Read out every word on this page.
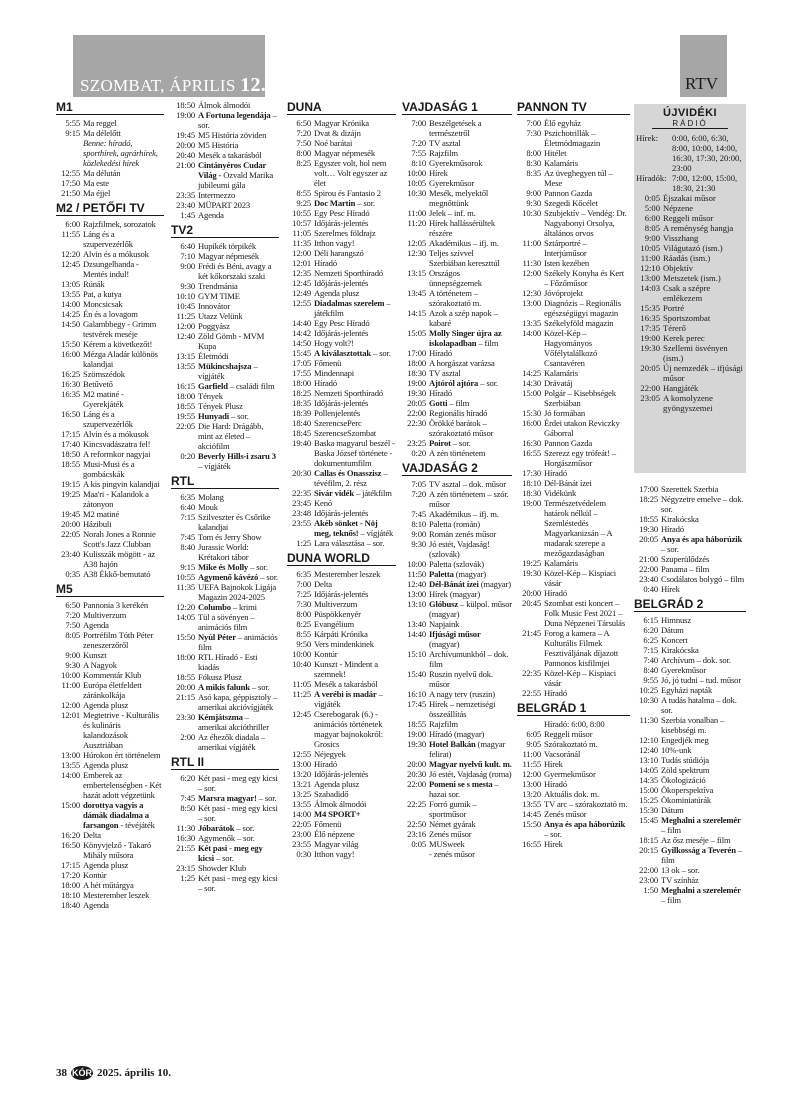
SZOMBAT, ÁPRILIS 12.	RTV
M1
5:55 Ma reggel
9:15 Ma délelőtt
Benne: híradó, sporthírek, agrárhírek, közlekedési hírek
12:55 Ma délután
17:50 Ma este
21:50 Ma éjjel
M2 / PETŐFI TV
6:00 Rajzfilmek, sorozatok
11:55 Láng és a szupervezérlők
12:20 Alvin és a mókusok
12:45 Dzsungelbanda - Mentés indul!
13:05 Rúnák
13:55 Pat, a kutya
14:00 Moncsicsak
14:25 Én és a lovagom
14:50 Galambbegy - Grimm testvérek meséje
15:50 Kérem a következőt!
16:00 Mézga Aladár különös kalandjai
16:25 Szömszédok
16:30 Betűvető
16:35 M2 matiné - Gyerekjáték
16:50 Láng és a szupervezérlők
17:15 Alvin és a mókusok
17:40 Kincsvadászatra fel!
18:50 A reformkor nagyjai
18:55 Musi-Musi és a gombácskák
19:15 A kis pingvin kalandjai
19:25 Maa'ri - Kalandok a zátonyon
19:45 M2 matiné
20:00 Házibuli
22:05 Norah Jones a Ronnie Scott's Jazz Clubban
23:40 Kulisszák mögött - az A38 hajón
0:35 A38 Ékkő-bemutató
M5
6:50 Pannonia 3 kerékén
7:20 Multiverzum
7:50 Agenda
8:05 Portréfilm Tóth Péter zeneszerzőről
9:00 Kunszt
9:30 A Nagyok
10:00 Kommentár Klub
11:00 Európa életfeldett záránkolkája
12:00 Agenda plusz
12:01 Megtetrive - Kulturális és kulináris kalandozások Ausztriában
13:00 Húrokon ért történelem
13:55 Agenda plusz
14:00 Emberek az embertelenségben - Két hazát adott végzetünk
15:00 dorottya vagyis a dámák diadalma a farsangon - tévéjáték
16:20 Delta
16:50 Könyvjelző - Takaró Mihály műsora
17:15 Agenda plusz
17:20 Kontúr
18:00 A hét műtárgya
18:10 Mesterember leszek
18:40 Agenda
18:50 Álmok álmodói
19:00 A Fortuna legendája – sor.
19:45 M5 História zöviden
20:00 M5 História
20:40 Mesék a takarásból
21:00 Cintányéros Cudar Világ - Ozvald Marika jubileumi gála
23:35 Intermezzo
23:40 MÜPART 2023
1:45 Agenda
TV2
6:40 Hupikék törpikék
7:10 Magyar népmesék
9:00 Frédi és Béni, avagy a két kőkorszaki szaki
9:30 Trendmánia
10:10 GYM TIME
10:45 Innovátor
11:25 Utazz Velünk
12:00 Poggyász
12:40 Zöld Gömb - MVM Kupa
13:15 Életmódi
13:55 Mükincshajsza – vígjáték
16:15 Garfield – családi film
18:00 Tények
18:55 Tények Plusz
19:55 Hunyadi – sor.
22:05 Die Hard: Drágább, mint az életed – akciófilm
0:20 Beverly Hills-i zsaru 3 – vígjáték
RTL
6:35 Molang
6:40 Mouk
7:15 Szilveszter és Csőrike kalandjai
7:45 Tom és Jerry Show
8:40 Jurassic World: Krétakori tábor
9:15 Mike és Molly – sor.
10:55 Agymenő kávézó – sor.
11:35 UEFA Bajnokok Ligája Magazin 2024-2025
12:20 Columbo – krimi
14:05 Tül a sövényen – animációs film
15:50 Nyúl Péter – animációs film
18:00 RTL Híradó - Esti kiadás
18:55 Fókusz Plusz
20:00 A mikis falunk – sor.
21:15 Asó kapa, géppisztoly – amerikai akcióvígjáték
23:30 Kémjátszma – amerikai akcióthriller
2:00 Az éhezők diadala – amerikai vígjáték
RTL II
6:20 Két pasi - meg egy kicsi – sor.
7:45 Marsra magyar! – sor.
8:50 Két pasi - meg egy kicsi – sor.
11:30 Jóbarátok – sor.
16:30 Agymenők – sor.
21:55 Két pasi - meg egy kicsi – sor.
23:15 Showder Klub
1:25 Két pasi - meg egy kicsi – sor.
DUNA
6:50 Magyar Krónika
7:20 Dvat & dizájn
7:50 Noé barátai
8:00 Magyar népmesék
8:25 Egyszer volt, hol nem volt… Volt egyszer az élet
8:55 Spirou és Fantasio 2
9:25 Doc Martin – sor.
10:55 Egy Pesc Híradó
10:57 Időjárás-jelentés
11:05 Szerelmes földrajz
11:35 Itthon vagy!
12:00 Déli harangszó
12:01 Híradó
12:35 Nemzeti Sporthíradó
12:45 Időjárás-jelentés
12:49 Agenda plusz
12:55 Diadalmas szerelem – játékfilm
14:40 Egy Pesc Híradó
14:42 Időjárás-jelentés
14:50 Hogy volt?!
15:45 A kiválasztottak – sor.
17:05 Főmenü
17:55 Mindennapi
18:00 Híradó
18:25 Nemzeti Sporthíradó
18:35 Időjárás-jelentés
18:39 Pollenjelentés
18:40 SzerencsePerc
18:45 SzerencseSzombat
19:40 Baska magyarul beszél - Baska József története - dokumentumfilm
20:30 Callas és Onasszisz – tévéfilm, 2. rész
22:35 Sivár vidék – játékfilm
23:45 Kenó
23:48 Időjárás-jelentés
23:55 Akéb sönket - Nöj meg, teknős! – vígjáték
1:25 Lara választása – sor.
DUNA WORLD
6:35 Mesterember leszek
7:00 Delta
7:25 Időjárás-jelentés
7:30 Multiverzum
8:00 Püspökkenyér
8:25 Evangélium
8:55 Kárpáti Krónika
9:50 Vers mindenkinek
10:00 Kontúr
10:40 Kunszt - Mindent a szemnek!
11:05 Mesék a takarásból
11:25 A verébi is madár – vígjáték
12:45 Cserebogarak (6.) - animációs történetek magyar bajnokokról: Grosics
12:55 Néjegyek
13:00 Híradó
13:20 Időjárás-jelentés
13:21 Agenda plusz
13:25 Szabadidő
13:55 Álmok álmodói
14:00 M4 SPORT+
22:05 Főmenü
23:00 Élő népzene
23:55 Magyar világ
0:30 Itthon vagy!
VAJDASÁG 1
7:00 Beszélgetések a természetről
7:20 TV asztal
7:55 Rajzfilm
8:10 Gyerekműsorok
10:00 Hírek
10:05 Gyerekműsor
10:30 Mesék, melyektől megnőttünk
11:00 Jelek – inf. m.
11:20 Hírek hallássérültek részére
12:05 Akadémikus – ifj. m.
12:30 Teljes szívvel Szerbiában kereszttúl
13:15 Országos ünnepségzemek
13:45 A történetem – szórakoztató m.
14:15 Azok a szép napok – kabaré
15:05 Molly Singer újra az iskolapadban – film
17:00 Híradó
18:00 A horgászat varázsa
18:30 TV asztal
19:00 Ajtóról ajtóra – sor.
19:30 Híradó
20:05 Gotti – film
22:00 Regionális híradó
22:30 Örökké barátok – szórakoztató műsor
23:25 Poirot – sor.
0:20 A zén történetem
VAJDASÁG 2
7:05 TV asztal – dok. műsor
7:20 A zén történetem – szór. műsor
7:45 Akadémikus – ifj. m.
8:10 Paletta (román)
9:00 Román zenés műsor
9:30 Jó estét, Vajdaság! (szlovák)
10:00 Paletta (szlovák)
11:50 Paletta (magyar)
12:40 Dél-Bánát ízei (magyar)
13:00 Hírek (magyar)
13:10 Glóbusz – külpol. műsor (magyar)
13:40 Napjaink
14:40 Ifjúsági műsor (magyar)
15:10 Archívumunkból – dok. film
15:40 Ruszin nyelvű dok. műsor
16:10 A nagy terv (ruszin)
17:45 Hírek – nemzetiségi összeállítás
18:55 Rajzfilm
19:00 Híradó (magyar)
19:30 Hotel Balkán (magyar felirat)
20:00 Magyar nyelvű kult. m.
20:30 Jó estét, Vajdaság (roma)
22:00 Pomeni se s mesta – hazai sor.
22:25 Forró gumik – sportműsor
22:50 Német gyárak
23:16 Zenés műsor
0:05 MUSweek
- zenés műsor
PANNON TV
7:00 Élő egyház
7:30 Pszichotrillák – Életmódmagazin
8:00 Hitélet
8:30 Kalamáris
8:35 Az üveghegyen túl – Mese
9:00 Pannon Gazda
9:30 Szegedi Kőcélet
10:30 Szubjektív – Vendég: Dr. Nagyabonyi Orsolya, általános orvos
11:00 Sztárportré – Interjúműsor
11:30 Isten kezében
12:00 Székely Konyha és Kert – Főzőműsor
12:30 Jóvóprojekt
13:00 Diagnózis – Regionális egészségügyi magazin
13:35 Székelyföld magazin
14:00 Közel-Kép – Hagyományos Vőfélytalálkozó Csantavéren
14:25 Kalamáris
14:30 Drávatáj
15:00 Polgár – Kisebbségek Szerbiában
15:30 Jó formában
16:00 Érdei utakon Reviczky Gáborral
16:30 Pannon Gazda
16:55 Szerezz egy trófeát! – Horgászműsor
17:30 Híradó
18:10 Dél-Bánát ízei
18:30 Vidékünk
19:00 Természetvédelem határok nélkül – Szemléstedés Magyarkanizsán – A madarak szerepe a mezőgazdaságban
19:25 Kalamáris
19:30 Közel-Kép – Kispiaci vásár
20:00 Híradó
20:45 Szombat esti koncert – Folk Music Fest 2021 – Duna Népzenei Társulás
21:45 Forog a kamera – A Kulturális Filmek Fesztiváljának díjazott Pannonos kisfilmjei
22:35 Közel-Kép – Kispiaci vásár
22:55 Híradó
BELGRÁD 1
Híradó: 6:00, 8:00
6:05 Reggeli műsor
9:05 Szórakoztató m.
11:00 Vacsoránál
11:55 Hírek
12:00 Gyermekműsor
13:00 Híradó
13:20 Aktuális dok. m.
13:55 TV arc – szórakoztató m.
14:45 Zenés műsor
15:50 Anya és apa háborúzik – sor.
16:55 Hírek
ÚJVIDÉKI
RÁDIÓ
Hírek:	0:00, 6:00, 6:30, 8:00, 10:00, 14:00, 16:30, 17:30, 20:00, 23:00
Híradók: 7:00, 12:00, 15:00, 18:30, 21:30
0:05 Éjszakai műsor
5:00 Népzene
6:00 Reggeli műsor
8:05 A reménység hangja
9:00 Visszhang
10:05 Világutazó (ism.)
11:00 Ráadás (ism.)
12:10 Objektív
13:00 Metszetek (ism.)
14:03 Csak a szépre emlékezem
15:35 Portré
16:35 Sportszombat
17:35 Térerő
19:00 Kerek perec
19:30 Szellemi ösvényen (ism.)
20:05 Új nemzedék – ifjúsági műsor
22:00 Hangjáték
23:05 A komolyzene gyöngyszemei
17:00 Szerettek Szerbia
18:25 Négyzetre emelve – dok. sor.
18:55 Kirakócska
19:30 Híradó
20:05 Anya és apa háborúzik – sor.
21:00 Szuperülődzés
22:00 Panama – film
23:40 Csodálatos bolygó – film
0:40 Hírek
BELGRÁD 2
6:15 Himnusz
6:20 Dátum
6:25 Koncert
7:15 Kirakócska
7:40 Archívum – dok. sor.
8:40 Gyerekműsor
9:55 Jó, jó tudni – tud. műsor
10:25 Egyházi napták
10:30 A tudás hatalma – dok. sor.
11:30 Szerbia vonalban – kisebbségi m.
12:10 Engedjék meg
12:40 10%-unk
13:10 Tudás stúdiója
14:05 Zöld spektrum
14:35 Ökologizáció
15:00 Ökoperspektíva
15:25 Ökominiatúrák
15:30 Dátum
15:45 Meghalni a szerelemér – film
18:15 Az ősz meséje – film
20:15 Gyilkosság a Teverén – film
22:00 13 ok – sor.
23:00 TV színház
1:50 Meghalni a szerelemér – film
38 KÓR 2025. április 10.
